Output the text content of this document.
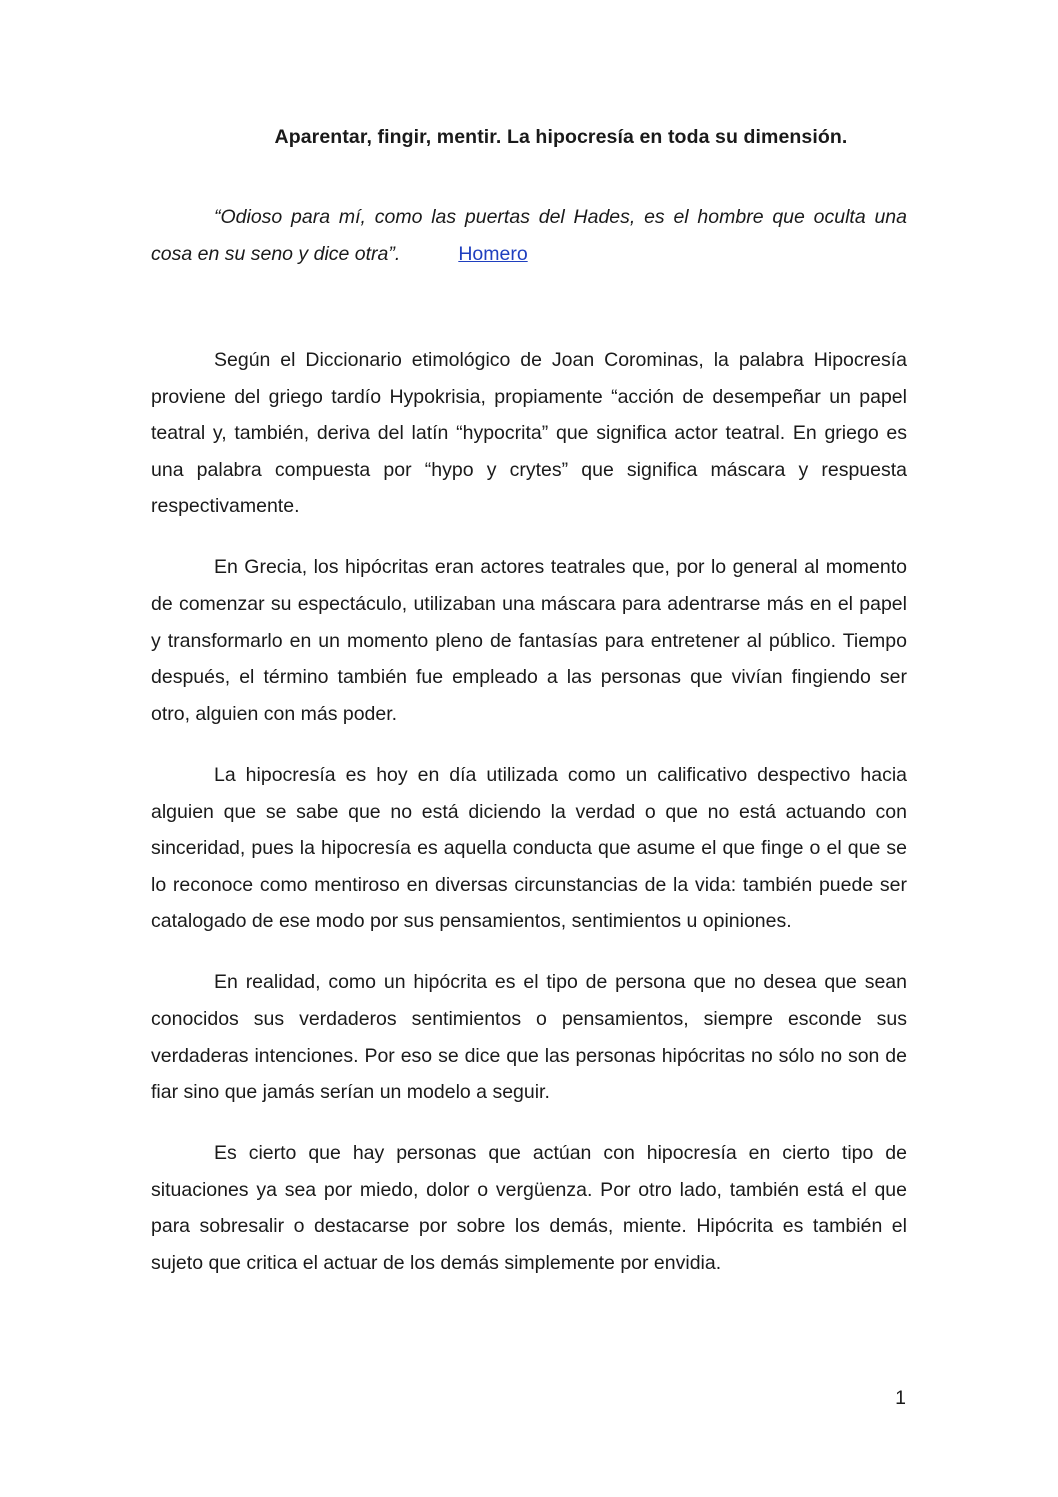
Aparentar, fingir, mentir. La hipocresía en toda su dimensión.
“Odioso para mí, como las puertas del Hades, es el hombre que oculta una cosa en su seno y dice otra”.	Homero

Según el Diccionario etimológico de Joan Corominas, la palabra Hipocresía proviene del griego tardío Hypokrisia, propiamente “acción de desempeñar un papel teatral y, también, deriva del latín “hypocrita” que significa actor teatral. En griego es una palabra compuesta por “hypo y crytes” que significa máscara y respuesta respectivamente.

En Grecia, los hipócritas eran actores teatrales que, por lo general al momento de comenzar su espectáculo, utilizaban una máscara para adentrarse más en el papel y transformarlo en un momento pleno de fantasías para entretener al público. Tiempo después, el término también fue empleado a las personas que vivían fingiendo ser otro, alguien con más poder.

La hipocresía es hoy en día utilizada como un calificativo despectivo hacia alguien que se sabe que no está diciendo la verdad o que no está actuando con sinceridad, pues la hipocresía es aquella conducta que asume el que finge o el que se lo reconoce como mentiroso en diversas circunstancias de la vida: también puede ser catalogado de ese modo por sus pensamientos, sentimientos u opiniones.

En realidad, como un hipócrita es el tipo de persona que no desea que sean conocidos sus verdaderos sentimientos o pensamientos, siempre esconde sus verdaderas intenciones. Por eso se dice que las personas hipócritas no sólo no son de fiar sino que jamás serían un modelo a seguir.

Es cierto que hay personas que actúan con hipocresía en cierto tipo de situaciones ya sea por miedo, dolor o vergüenza. Por otro lado, también está el que para sobresalir o destacarse por sobre los demás, miente. Hipócrita es también el sujeto que critica el actuar de los demás simplemente por envidia.

1
